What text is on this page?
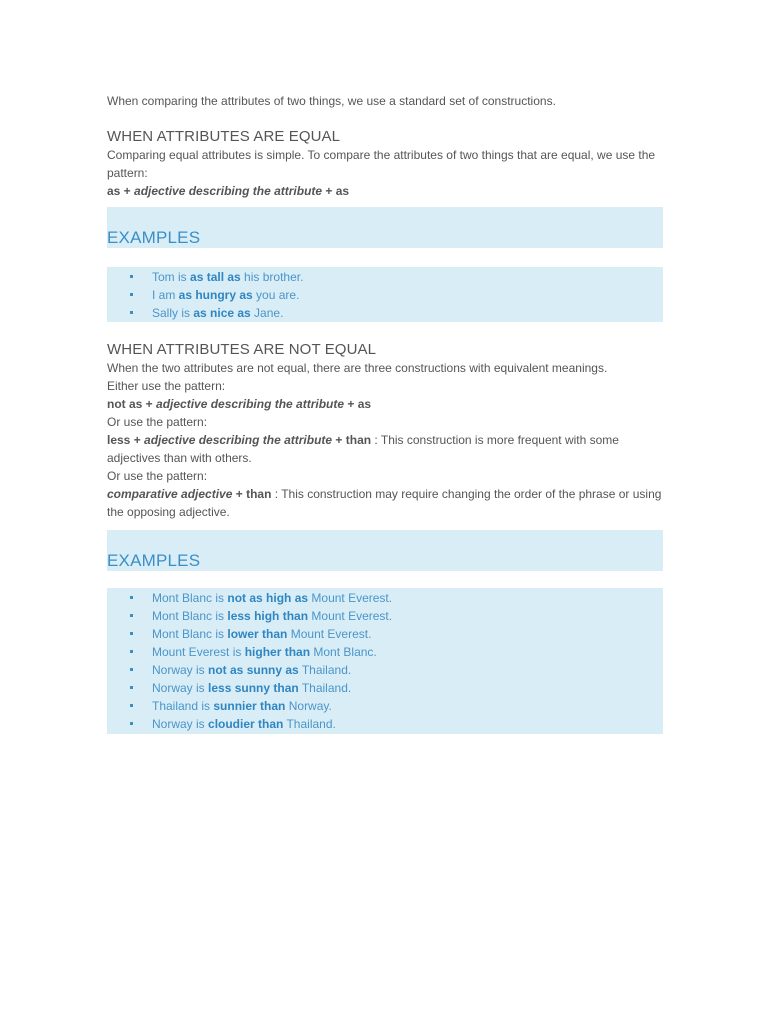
When comparing the attributes of two things, we use a standard set of constructions.

WHEN ATTRIBUTES ARE EQUAL

Comparing equal attributes is simple. To compare the attributes of two things that are equal, we use the pattern:

as + adjective describing the attribute + as

EXAMPLES
Tom is as tall as his brother.
I am as hungry as you are.
Sally is as nice as Jane.

WHEN ATTRIBUTES ARE NOT EQUAL

When the two attributes are not equal, there are three constructions with equivalent meanings.

Either use the pattern:

not as + adjective describing the attribute + as

Or use the pattern:

less + adjective describing the attribute + than : This construction is more frequent with some adjectives than with others.

Or use the pattern:

comparative adjective + than : This construction may require changing the order of the phrase or using the opposing adjective.

EXAMPLES
Mont Blanc is not as high as Mount Everest.
Mont Blanc is less high than Mount Everest.
Mont Blanc is lower than Mount Everest.
Mount Everest is higher than Mont Blanc.
Norway is not as sunny as Thailand.
Norway is less sunny than Thailand.
Thailand is sunnier than Norway.
Norway is cloudier than Thailand.
